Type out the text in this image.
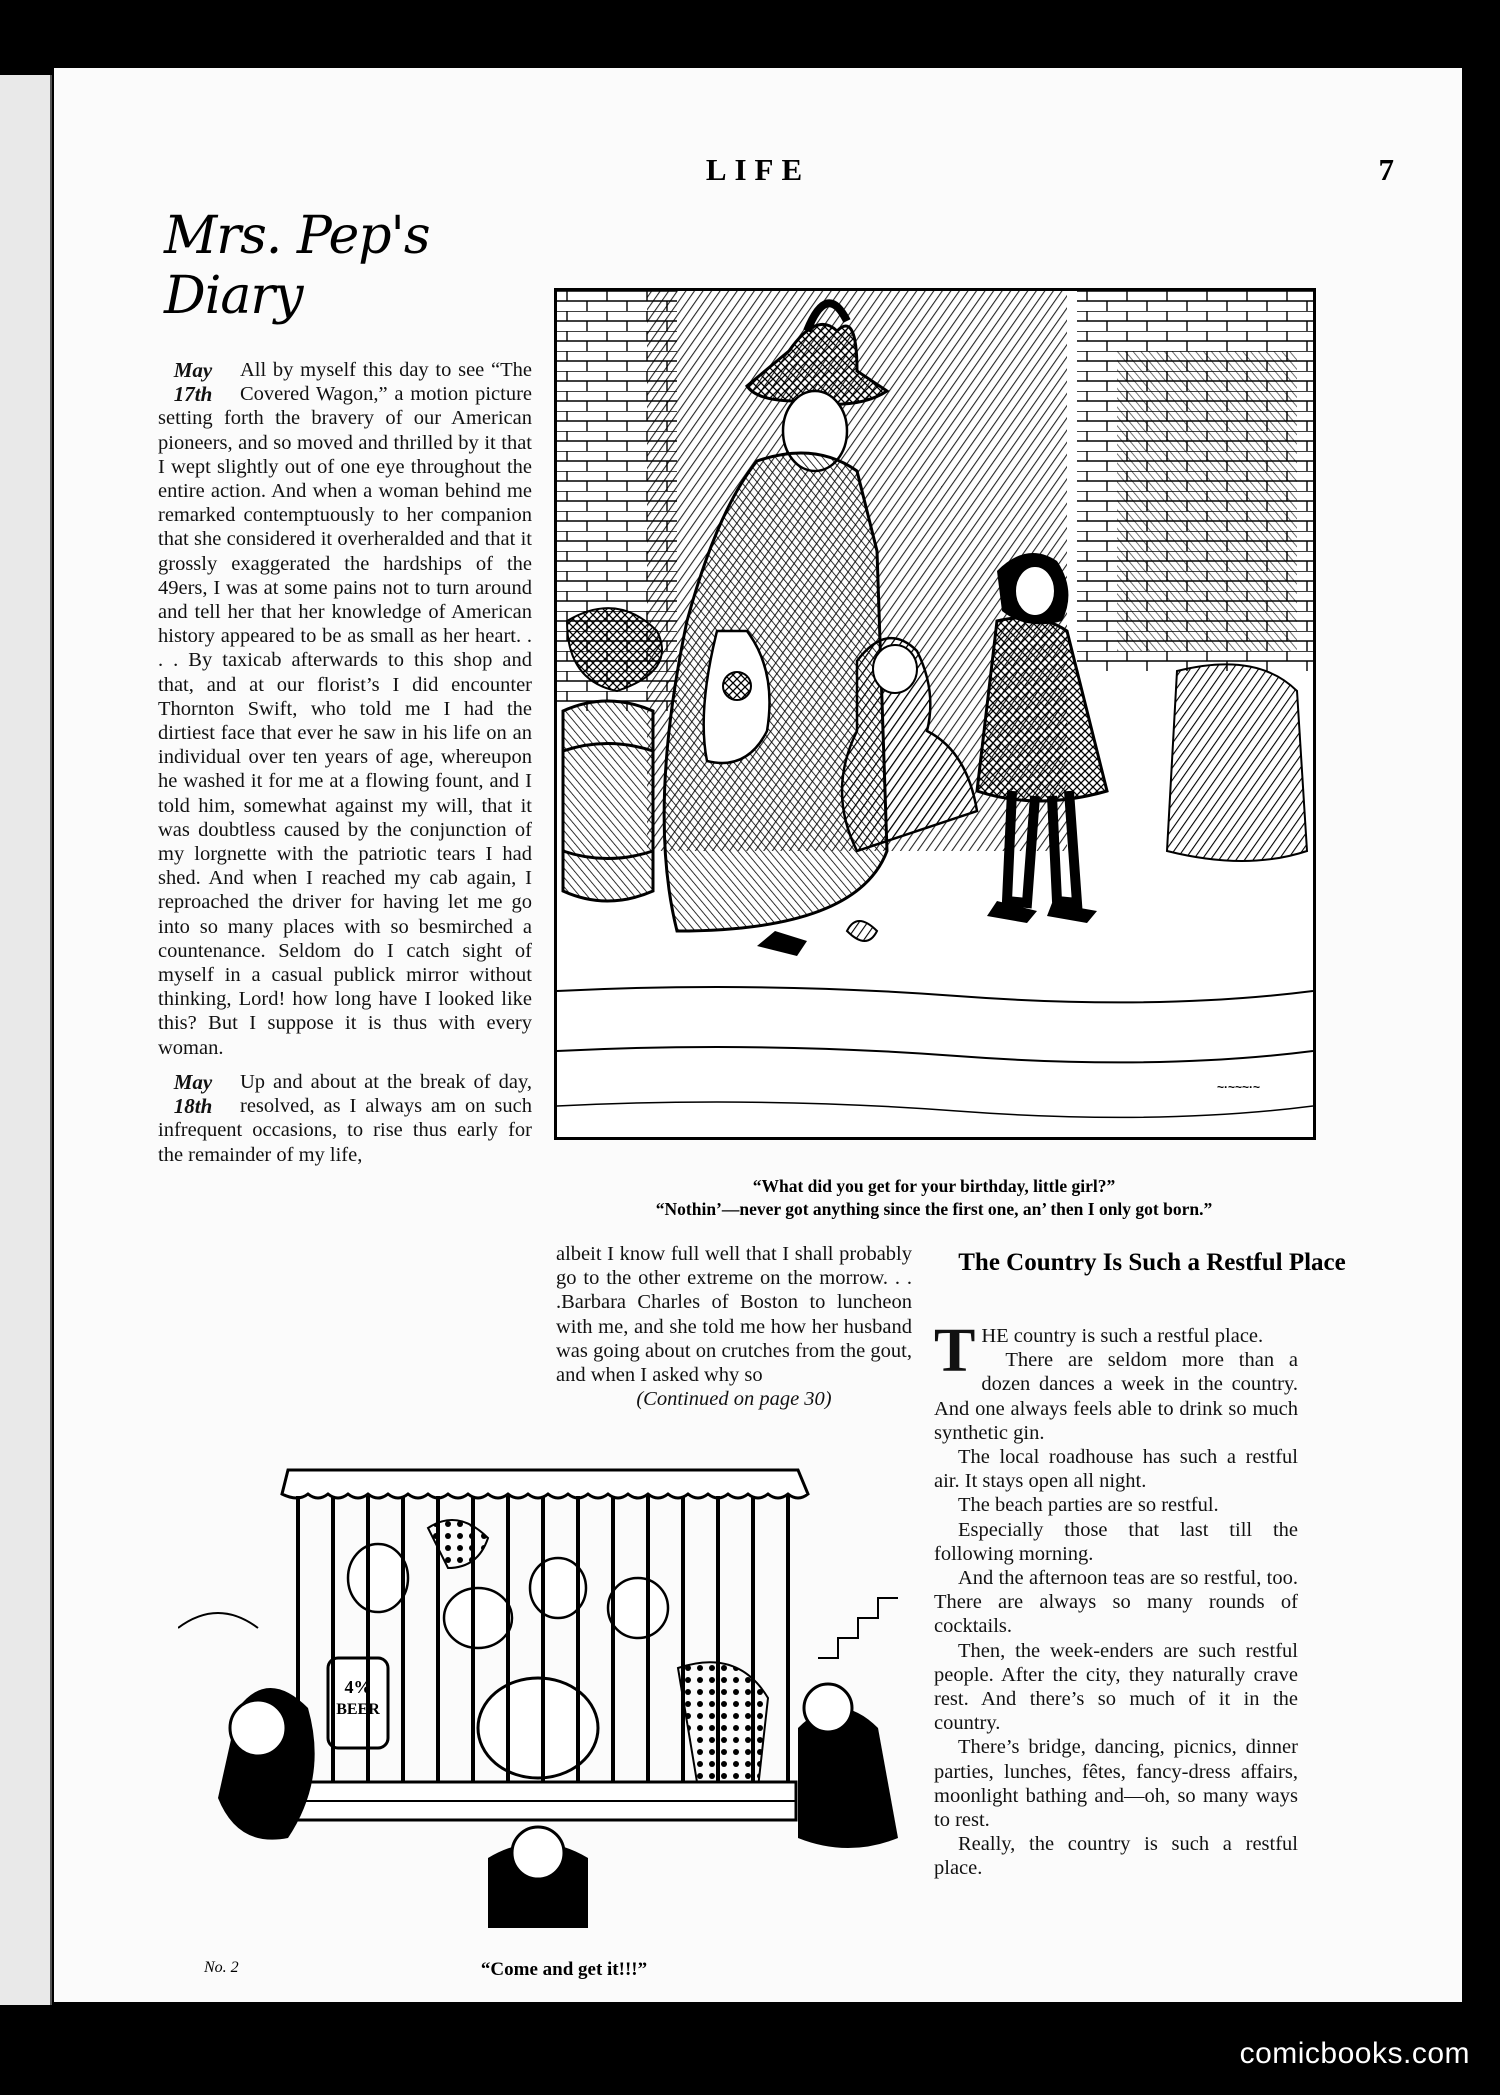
LIFE	7
Mrs. Pep's Diary

May
17th
All by myself this day to see “The Covered Wagon,” a motion picture setting forth the bravery of our American pioneers, and so moved and thrilled by it that I wept slightly out of one eye throughout the entire action. And when a woman behind me remarked contemptuously to her companion that she considered it overheralded and that it grossly exaggerated the hardships of the 49ers, I was at some pains not to turn around and tell her that her knowledge of American history appeared to be as small as her heart. . . . By taxicab afterwards to this shop and that, and at our florist’s I did encounter Thornton Swift, who told me I had the dirtiest face that ever he saw in his life on an individual over ten years of age, whereupon he washed it for me at a flowing fount, and I told him, somewhat against my will, that it was doubtless caused by the conjunction of my lorgnette with the patriotic tears I had shed. And when I reached my cab again, I reproached the driver for having let me go into so many places with so besmirched a countenance. Seldom do I catch sight of myself in a casual publick mirror without thinking, Lord! how long have I looked like this? But I suppose it is thus with every woman.

May
18th
Up and about at the break of day, resolved, as I always am on such infrequent occasions, to rise thus early for the remainder of my life,

albeit I know full well that I shall probably go to the other extreme on the morrow. . . .Barbara Charles of Boston to luncheon with me, and she told me how her husband was going about on crutches from the gout, and when I asked why so

(Continued on page 30)
~·~~~·~
“What did you get for your birthday, little girl?”
“Nothin’—never got anything since the first one, an’ then I only got born.”
The Country Is Such a Restful Place

T HE country is such a restful place.

There are seldom more than a dozen dances a week in the country. And one always feels able to drink so much synthetic gin.

The local roadhouse has such a restful air. It stays open all night.

The beach parties are so restful.

Especially those that last till the following morning.

And the afternoon teas are so restful, too. There are always so many rounds of cocktails.

Then, the week-enders are such restful people. After the city, they naturally crave rest. And there’s so much of it in the country.

There’s bridge, dancing, picnics, dinner parties, lunches, fêtes, fancy-dress affairs, moonlight bathing and—oh, so many ways to rest.

Really, the country is such a restful place.

4%
BEER
No. 2	“Come and get it!!!”
comicbooks.com
